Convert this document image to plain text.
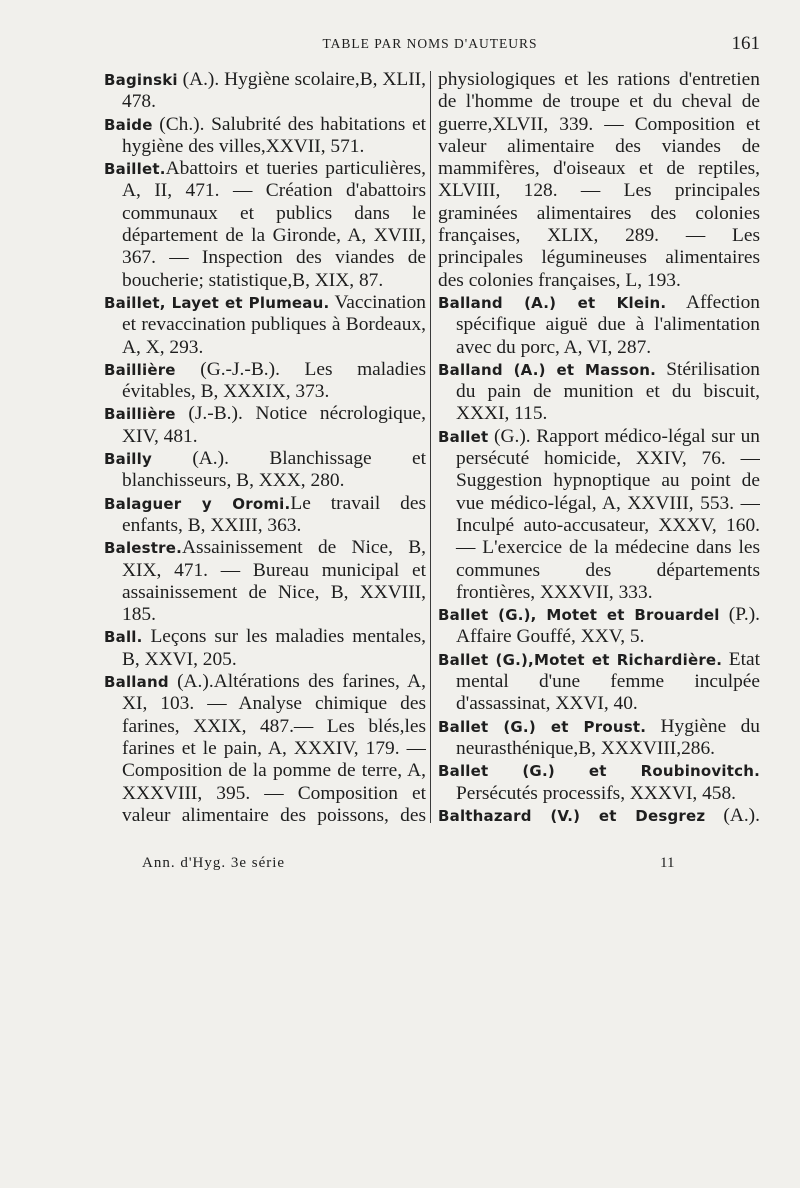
TABLE PAR NOMS D'AUTEURS	161

Baginski (A.). Hygiène scolaire,B, XLII, 478.

Baide (Ch.). Salubrité des habitations et hygiène des villes,XXVII, 571.

Baillet.Abattoirs et tueries particulières, A, II, 471. — Création d'abattoirs communaux et publics dans le département de la Gironde, A, XVIII, 367. — Inspection des viandes de boucherie; statistique,B, XIX, 87.

Baillet, Layet et Plumeau. Vaccination et revaccination publiques à Bordeaux, A, X, 293.

Baillière (G.-J.-B.). Les maladies évitables, B, XXXIX, 373.

Baillière (J.-B.). Notice nécrologique, XIV, 481.

Bailly (A.). Blanchissage et blanchisseurs, B, XXX, 280.

Balaguer y Oromi.Le travail des enfants, B, XXIII, 363.

Balestre.Assainissement de Nice, B, XIX, 471. — Bureau municipal et assainissement de Nice, B, XXVIII, 185.

Ball. Leçons sur les maladies mentales, B, XXVI, 205.

Balland (A.).Altérations des farines, A, XI, 103. — Analyse chimique des farines, XXIX, 487.— Les blés,les farines et le pain, A, XXXIV, 179. — Composition de la pomme de terre, A, XXXVIII, 395. — Composition et valeur alimentaire des poissons, des

physiologiques et les rations d'entretien de l'homme de troupe et du cheval de guerre,XLVII, 339. — Composition et valeur alimentaire des viandes de mammifères, d'oiseaux et de reptiles, XLVIII, 128. — Les principales graminées alimentaires des colonies françaises, XLIX, 289. — Les principales légumineuses alimentaires des colonies françaises, L, 193.

Balland (A.) et Klein. Affection spécifique aiguë due à l'alimentation avec du porc, A, VI, 287.

Balland (A.) et Masson. Stérilisation du pain de munition et du biscuit, XXXI, 115.

Ballet (G.). Rapport médico-légal sur un persécuté homicide, XXIV, 76. — Suggestion hypnoptique au point de vue médico-légal, A, XXVIII, 553. — Inculpé auto-accusateur, XXXV, 160. — L'exercice de la médecine dans les communes des départements frontières, XXXVII, 333.

Ballet (G.), Motet et Brouardel (P.). Affaire Gouffé, XXV, 5.

Ballet (G.),Motet et Richardière. Etat mental d'une femme inculpée d'assassinat, XXVI, 40.

Ballet (G.) et Proust. Hygiène du neurasthénique,B, XXXVIII,286.

Ballet (G.) et Roubinovitch. Persécutés processifs, XXXVI, 458.

Balthazard (V.) et Desgrez (A.).

Ann. d'Hyg. 3e série	11
